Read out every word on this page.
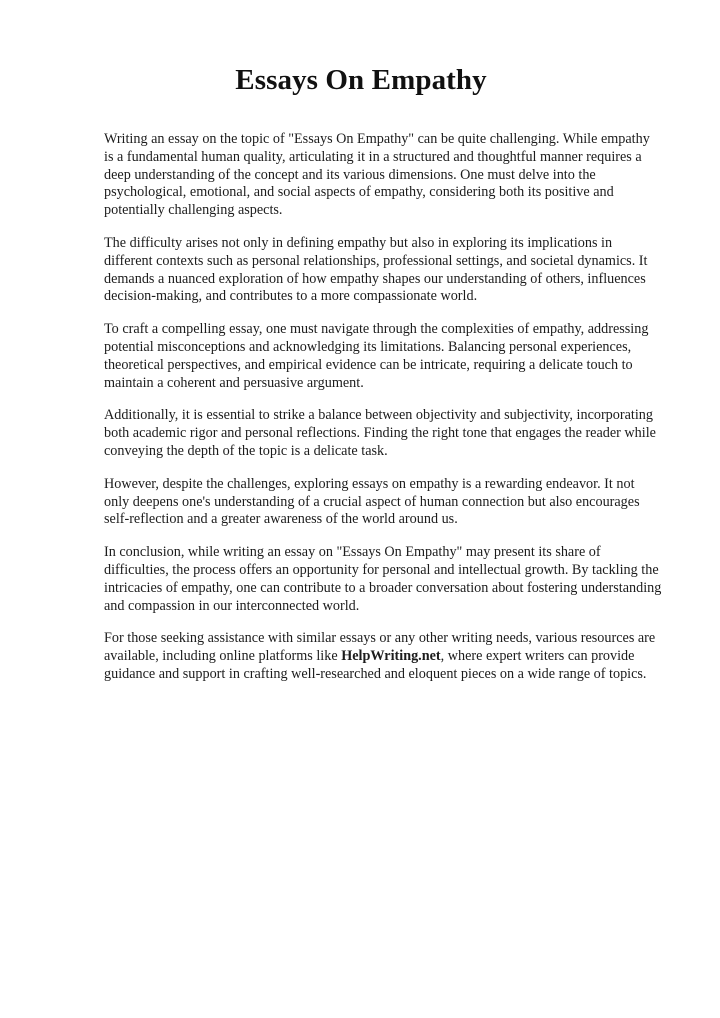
Essays On Empathy

Writing an essay on the topic of "Essays On Empathy" can be quite challenging. While empathy is a fundamental human quality, articulating it in a structured and thoughtful manner requires a deep understanding of the concept and its various dimensions. One must delve into the psychological, emotional, and social aspects of empathy, considering both its positive and potentially challenging aspects.

The difficulty arises not only in defining empathy but also in exploring its implications in different contexts such as personal relationships, professional settings, and societal dynamics. It demands a nuanced exploration of how empathy shapes our understanding of others, influences decision-making, and contributes to a more compassionate world.

To craft a compelling essay, one must navigate through the complexities of empathy, addressing potential misconceptions and acknowledging its limitations. Balancing personal experiences, theoretical perspectives, and empirical evidence can be intricate, requiring a delicate touch to maintain a coherent and persuasive argument.

Additionally, it is essential to strike a balance between objectivity and subjectivity, incorporating both academic rigor and personal reflections. Finding the right tone that engages the reader while conveying the depth of the topic is a delicate task.

However, despite the challenges, exploring essays on empathy is a rewarding endeavor. It not only deepens one's understanding of a crucial aspect of human connection but also encourages self-reflection and a greater awareness of the world around us.

In conclusion, while writing an essay on "Essays On Empathy" may present its share of difficulties, the process offers an opportunity for personal and intellectual growth. By tackling the intricacies of empathy, one can contribute to a broader conversation about fostering understanding and compassion in our interconnected world.

For those seeking assistance with similar essays or any other writing needs, various resources are available, including online platforms like HelpWriting.net, where expert writers can provide guidance and support in crafting well-researched and eloquent pieces on a wide range of topics.
